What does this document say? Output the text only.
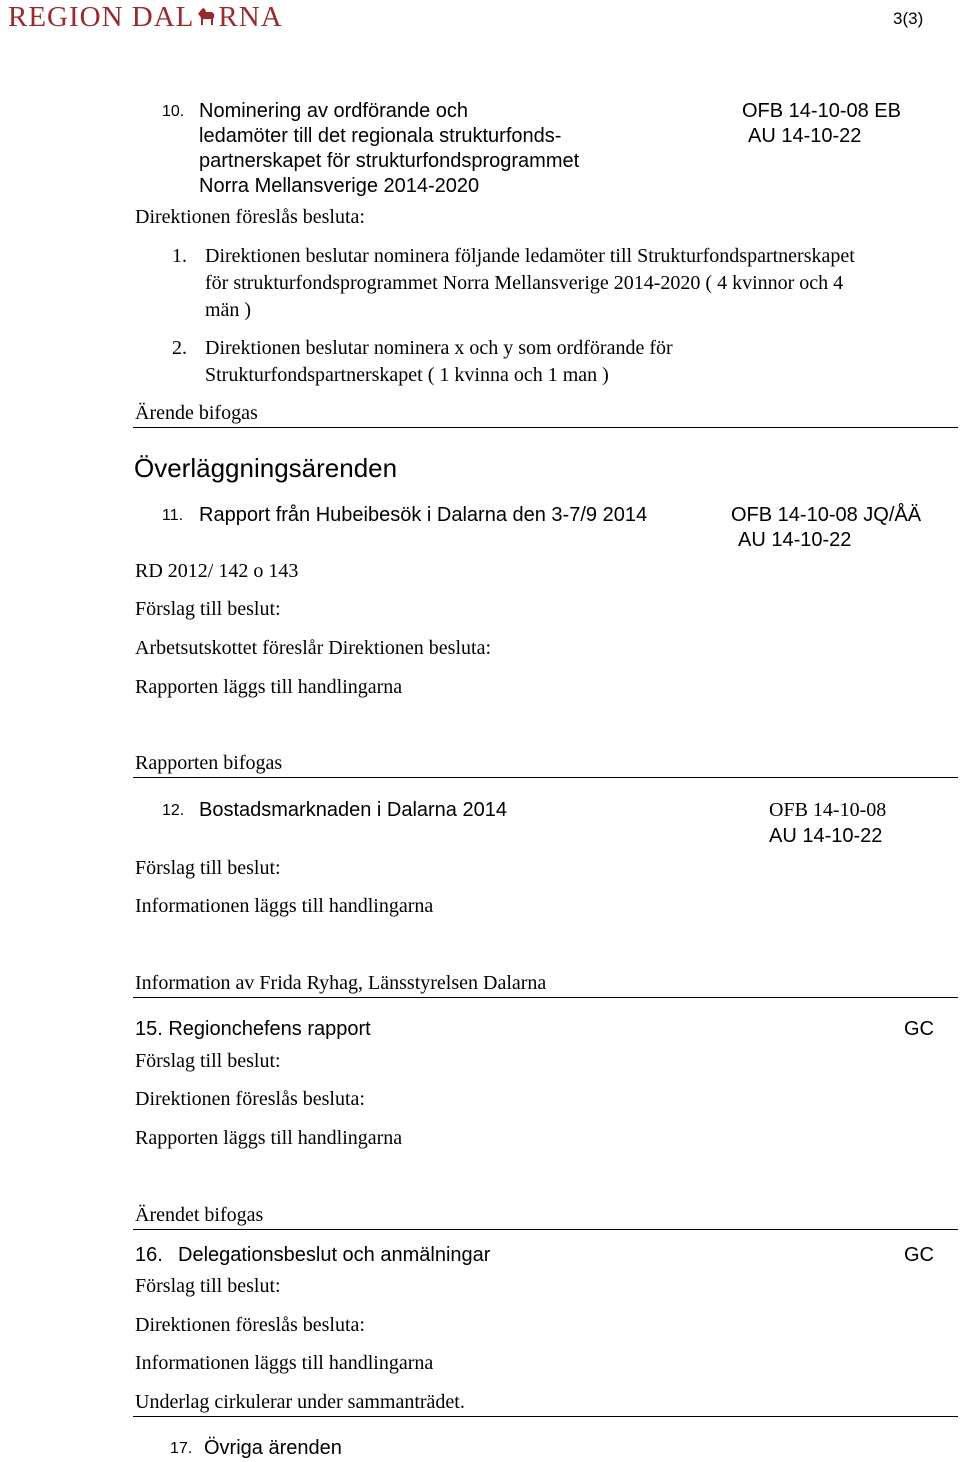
REGION DAL RNA	3(3)
10. Nominering av ordförande och
ledamöter till det regionala strukturfonds-
partnerskapet för strukturfondsprogrammet
Norra Mellansverige 2014-2020
OFB 14-10-08 EB
AU 14-10-22
Direktionen föreslås besluta:
1. Direktionen beslutar nominera följande ledamöter till Strukturfondspartnerskapet
för strukturfondsprogrammet Norra Mellansverige 2014-2020 ( 4 kvinnor och 4
män )
2. Direktionen beslutar nominera x och y som ordförande för
Strukturfondspartnerskapet ( 1 kvinna och 1 man )
Ärende bifogas
Överläggningsärenden
11. Rapport från Hubeibesök i Dalarna den 3-7/9 2014	OFB 14-10-08 JQ/ÅÄ
AU 14-10-22
RD 2012/ 142 o 143
Förslag till beslut:
Arbetsutskottet föreslår Direktionen besluta:
Rapporten läggs till handlingarna
Rapporten bifogas
12. Bostadsmarknaden i Dalarna 2014	OFB 14-10-08
AU 14-10-22
Förslag till beslut:
Informationen läggs till handlingarna
Information av Frida Ryhag, Länsstyrelsen Dalarna
15. Regionchefens rapport	GC
Förslag till beslut:
Direktionen föreslås besluta:
Rapporten läggs till handlingarna
Ärendet bifogas
16. Delegationsbeslut och anmälningar	GC
Förslag till beslut:
Direktionen föreslås besluta:
Informationen läggs till handlingarna
Underlag cirkulerar under sammanträdet.
17. Övriga ärenden
